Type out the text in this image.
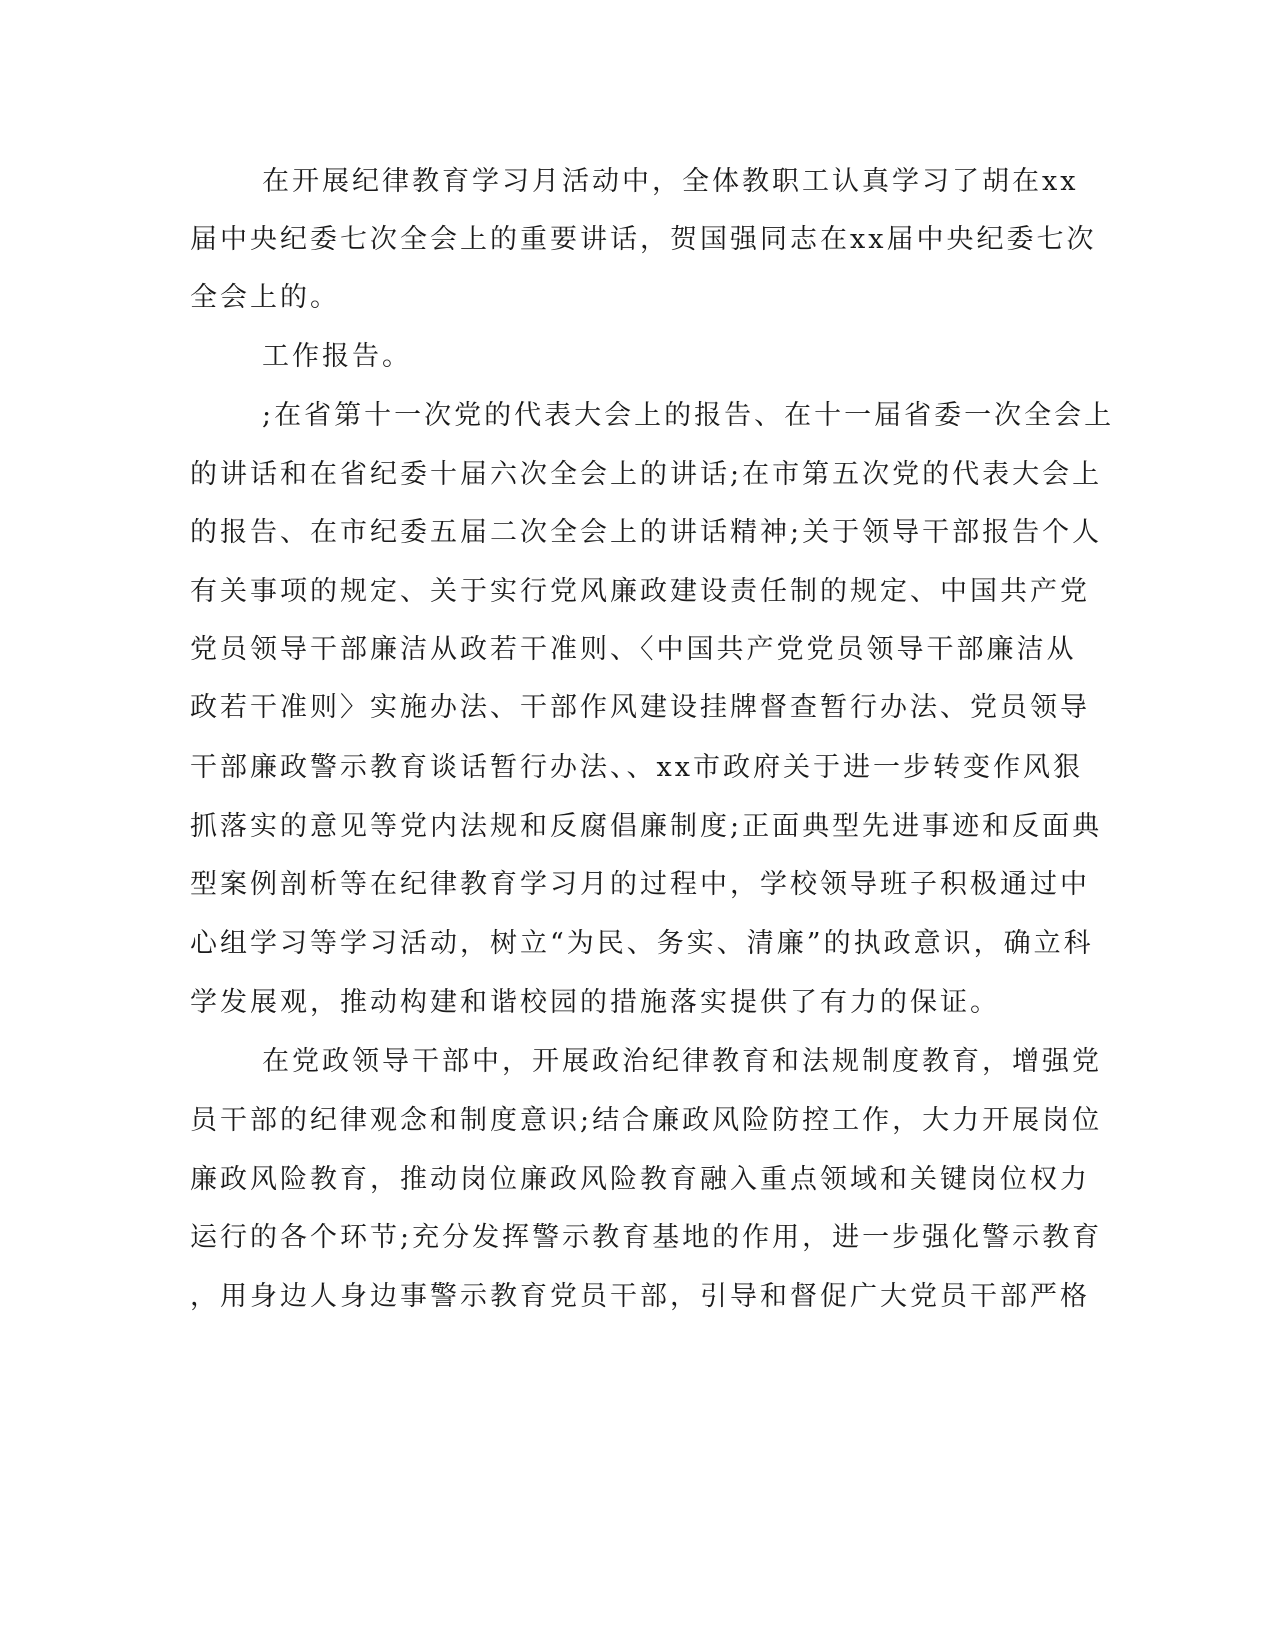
在开展纪律教育学习月活动中，全体教职工认真学习了胡在xx
届中央纪委七次全会上的重要讲话，贺国强同志在xx届中央纪委七次
全会上的。
工作报告。
;在省第十一次党的代表大会上的报告、在十一届省委一次全会上
的讲话和在省纪委十届六次全会上的讲话;在市第五次党的代表大会上
的报告、在市纪委五届二次全会上的讲话精神;关于领导干部报告个人
有关事项的规定、关于实行党风廉政建设责任制的规定、中国共产党
党员领导干部廉洁从政若干准则、〈中国共产党党员领导干部廉洁从
政若干准则〉实施办法、干部作风建设挂牌督查暂行办法、党员领导
干部廉政警示教育谈话暂行办法、、xx市政府关于进一步转变作风狠
抓落实的意见等党内法规和反腐倡廉制度;正面典型先进事迹和反面典
型案例剖析等在纪律教育学习月的过程中，学校领导班子积极通过中
心组学习等学习活动，树立“为民、务实、清廉”的执政意识，确立科
学发展观，推动构建和谐校园的措施落实提供了有力的保证。
在党政领导干部中，开展政治纪律教育和法规制度教育，增强党
员干部的纪律观念和制度意识;结合廉政风险防控工作，大力开展岗位
廉政风险教育，推动岗位廉政风险教育融入重点领域和关键岗位权力
运行的各个环节;充分发挥警示教育基地的作用，进一步强化警示教育
，用身边人身边事警示教育党员干部，引导和督促广大党员干部严格
